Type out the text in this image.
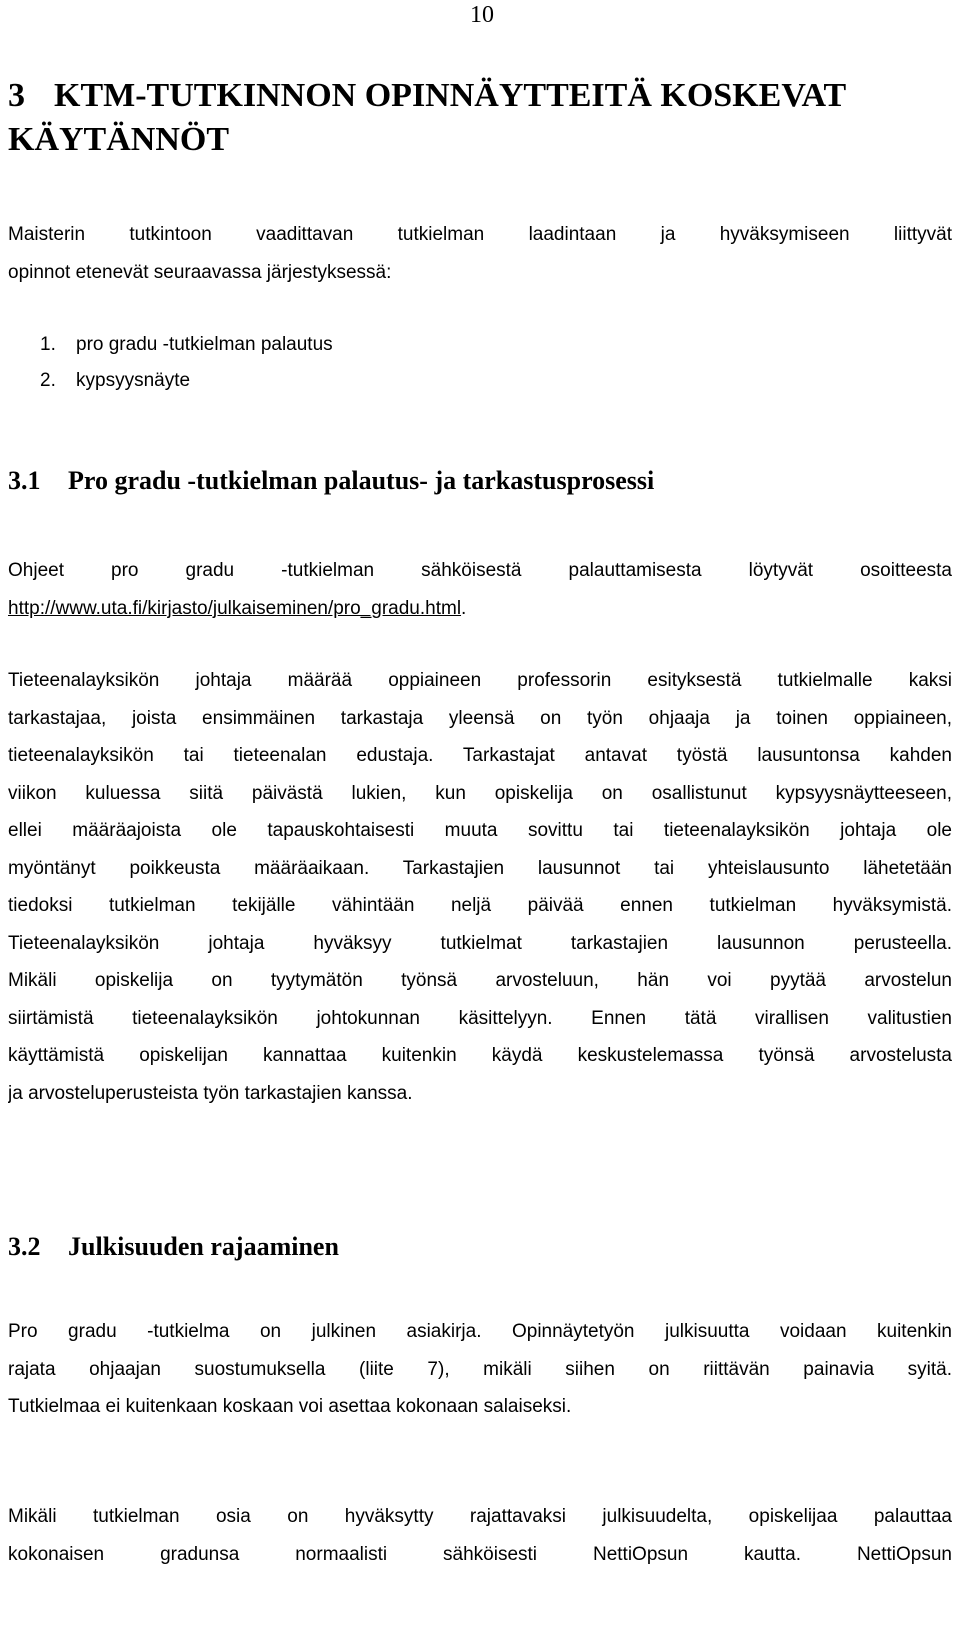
10
3 KTM-TUTKINNON OPINNÄYTTEITÄ KOSKEVAT
KÄYTÄNNÖT
Maisterin tutkintoon vaadittavan tutkielman laadintaan ja hyväksymiseen liittyvät
opinnot etenevät seuraavassa järjestyksessä:
1. pro gradu -tutkielman palautus
2. kypsyysnäyte
3.1 Pro gradu -tutkielman palautus- ja tarkastusprosessi
Ohjeet pro gradu -tutkielman sähköisestä palauttamisesta löytyvät osoitteesta
http://www.uta.fi/kirjasto/julkaiseminen/pro_gradu.html.
Tieteenalayksikön johtaja määrää oppiaineen professorin esityksestä tutkielmalle kaksi
tarkastajaa, joista ensimmäinen tarkastaja yleensä on työn ohjaaja ja toinen oppiaineen,
tieteenalayksikön tai tieteenalan edustaja. Tarkastajat antavat työstä lausuntonsa kahden
viikon kuluessa siitä päivästä lukien, kun opiskelija on osallistunut kypsyysnäytteeseen,
ellei määräajoista ole tapauskohtaisesti muuta sovittu tai tieteenalayksikön johtaja ole
myöntänyt poikkeusta määräaikaan. Tarkastajien lausunnot tai yhteislausunto lähetetään
tiedoksi tutkielman tekijälle vähintään neljä päivää ennen tutkielman hyväksymistä.
Tieteenalayksikön johtaja hyväksyy tutkielmat tarkastajien lausunnon perusteella.
Mikäli opiskelija on tyytymätön työnsä arvosteluun, hän voi pyytää arvostelun
siirtämistä tieteenalayksikön johtokunnan käsittelyyn. Ennen tätä virallisen valitustien
käyttämistä opiskelijan kannattaa kuitenkin käydä keskustelemassa työnsä arvostelusta
ja arvosteluperusteista työn tarkastajien kanssa.
3.2 Julkisuuden rajaaminen
Pro gradu -tutkielma on julkinen asiakirja. Opinnäytetyön julkisuutta voidaan kuitenkin
rajata ohjaajan suostumuksella (liite 7), mikäli siihen on riittävän painavia syitä.
Tutkielmaa ei kuitenkaan koskaan voi asettaa kokonaan salaiseksi.
Mikäli tutkielman osia on hyväksytty rajattavaksi julkisuudelta, opiskelijaa palauttaa
kokonaisen gradunsa normaalisti sähköisesti NettiOpsun kautta. NettiOpsun
